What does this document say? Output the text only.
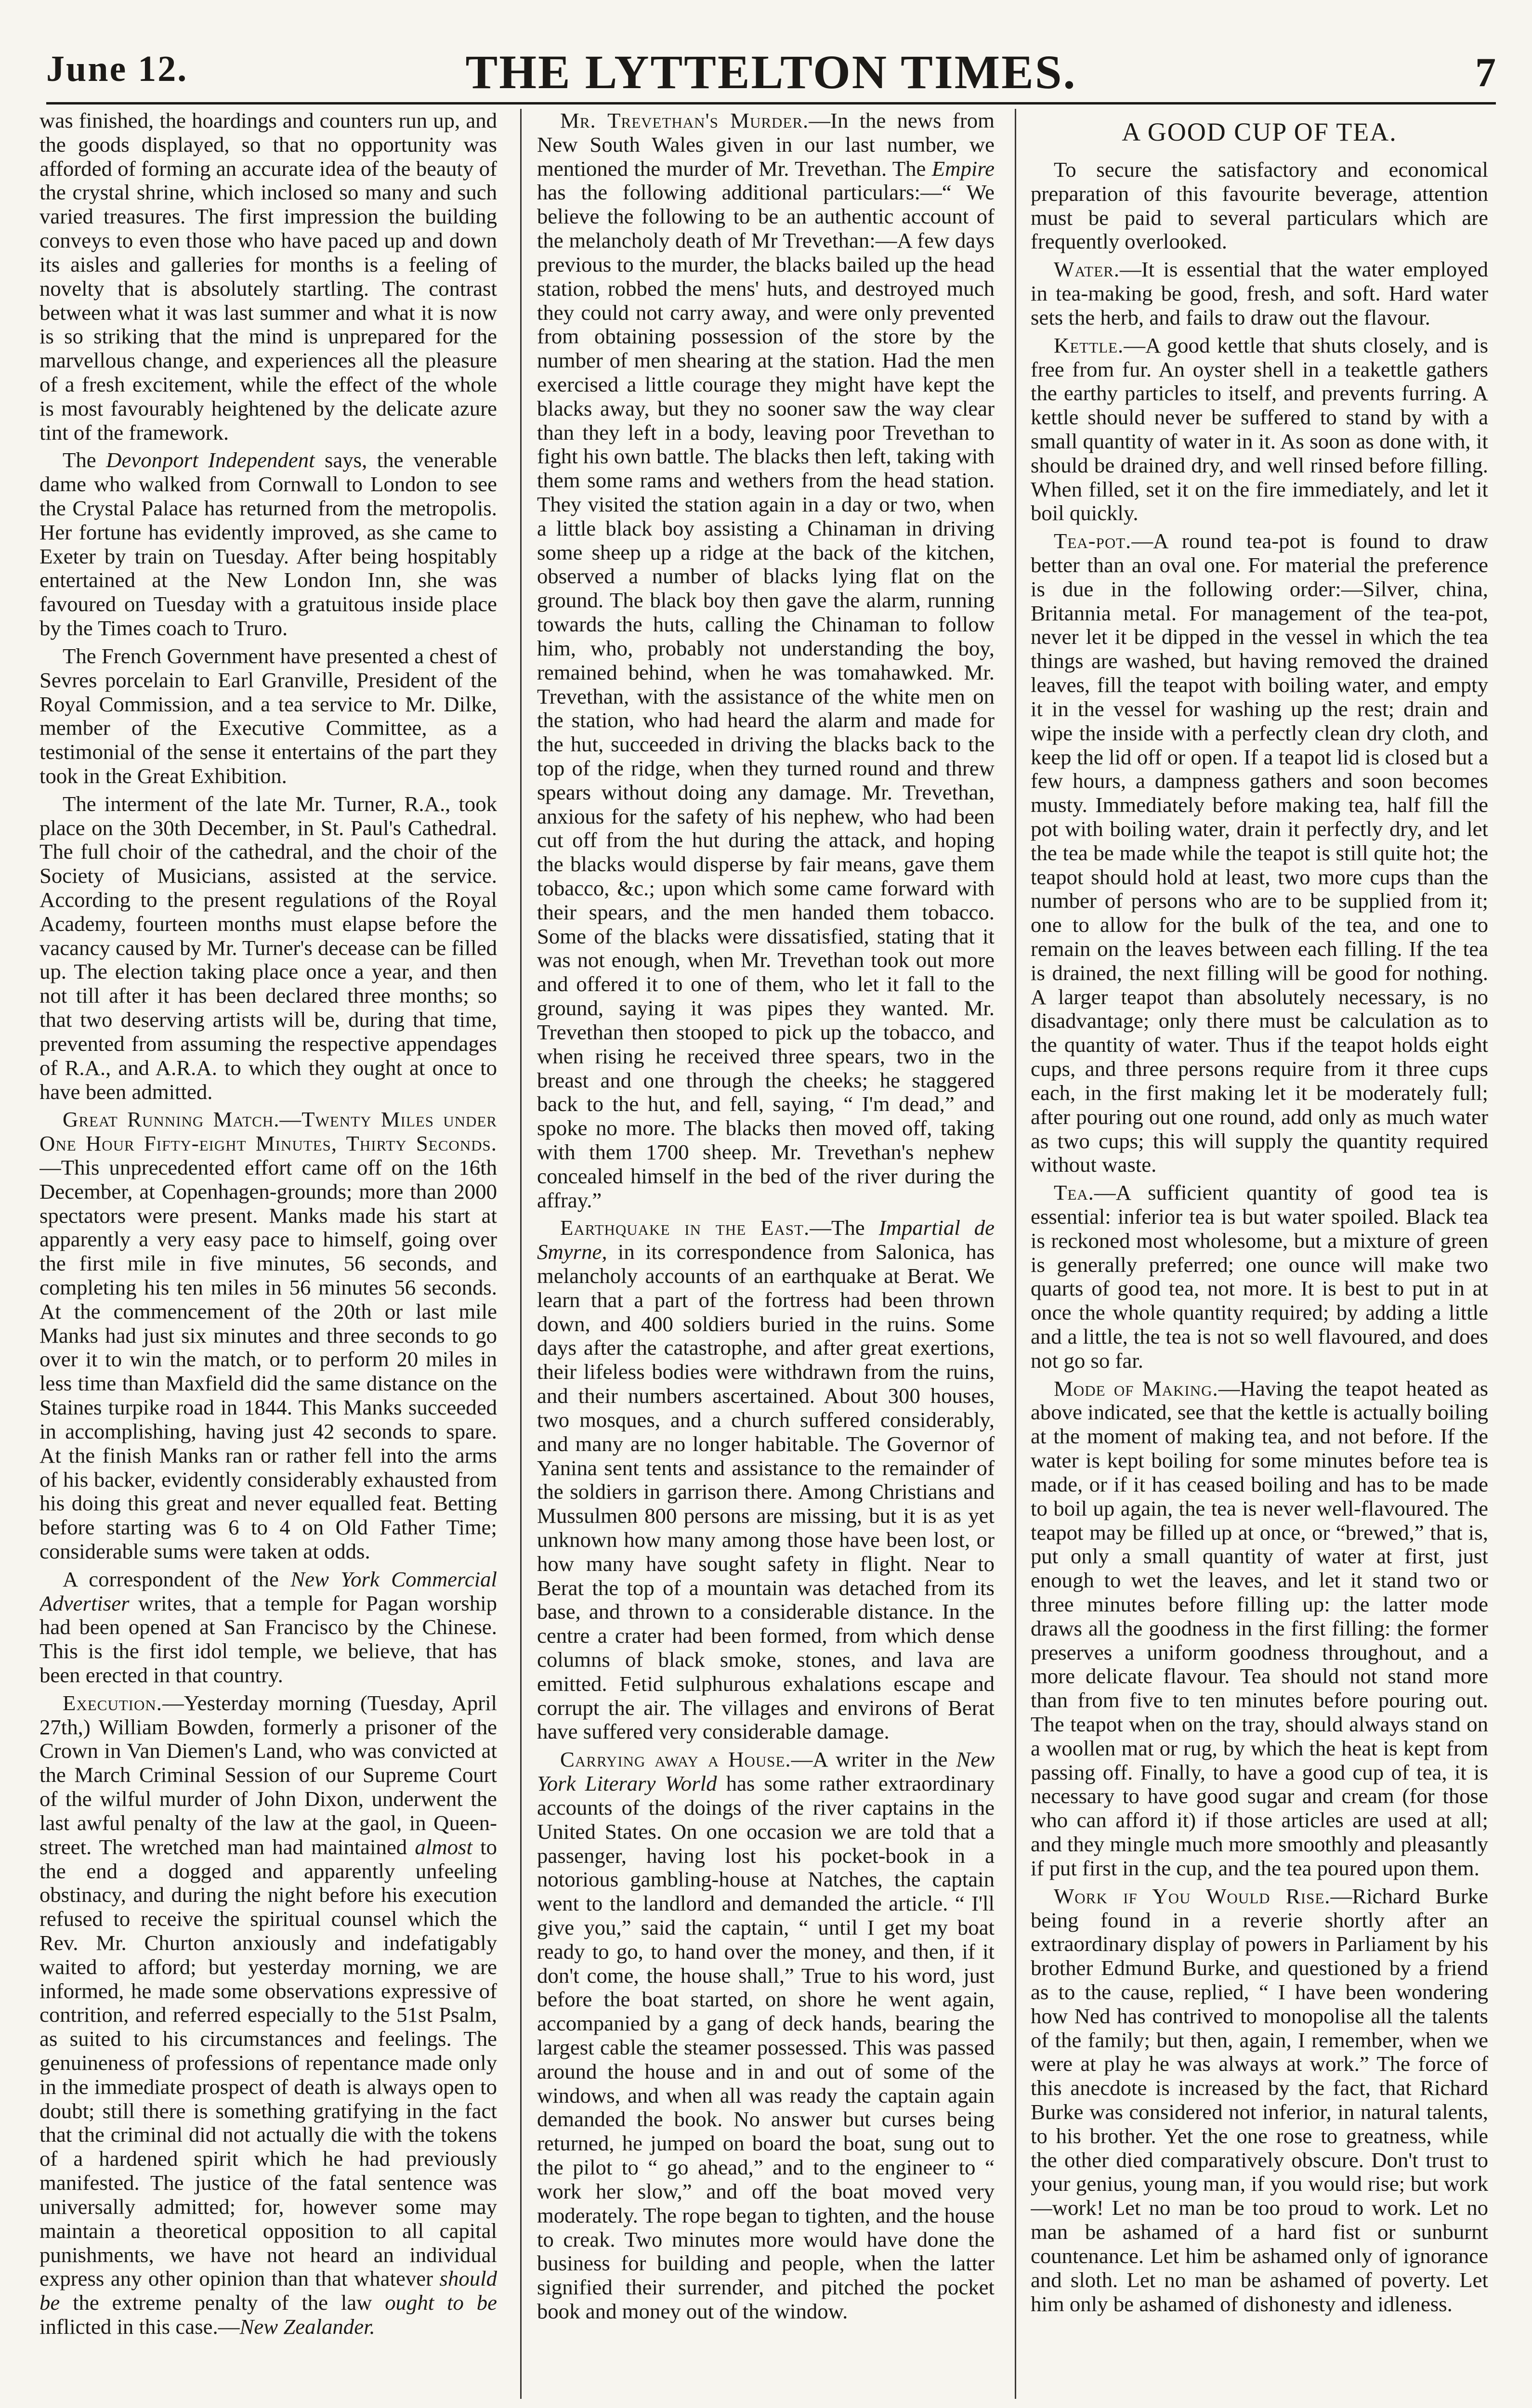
June 12.	THE LYTTELTON TIMES.	7

was finished, the hoardings and counters run up, and the goods displayed, so that no opportunity was afforded of forming an accurate idea of the beauty of the crystal shrine, which inclosed so many and such varied treasures. The first impression the building conveys to even those who have paced up and down its aisles and galleries for months is a feeling of novelty that is absolutely startling. The contrast between what it was last summer and what it is now is so striking that the mind is unprepared for the marvellous change, and experiences all the pleasure of a fresh excitement, while the effect of the whole is most favourably heightened by the delicate azure tint of the framework.

The Devonport Independent says, the venerable dame who walked from Cornwall to London to see the Crystal Palace has returned from the metropolis. Her fortune has evidently improved, as she came to Exeter by train on Tuesday. After being hospitably entertained at the New London Inn, she was favoured on Tuesday with a gratuitous inside place by the Times coach to Truro.

The French Government have presented a chest of Sevres porcelain to Earl Granville, President of the Royal Commission, and a tea service to Mr. Dilke, member of the Executive Committee, as a testimonial of the sense it entertains of the part they took in the Great Exhibition.

The interment of the late Mr. Turner, R.A., took place on the 30th December, in St. Paul's Cathedral. The full choir of the cathedral, and the choir of the Society of Musicians, assisted at the service. According to the present regulations of the Royal Academy, fourteen months must elapse before the vacancy caused by Mr. Turner's decease can be filled up. The election taking place once a year, and then not till after it has been declared three months; so that two deserving artists will be, during that time, prevented from assuming the respective appendages of R.A., and A.R.A. to which they ought at once to have been admitted.

Great Running Match.—Twenty Miles under One Hour Fifty-eight Minutes, Thirty Seconds.—This unprecedented effort came off on the 16th December, at Copenhagen-grounds; more than 2000 spectators were present. Manks made his start at apparently a very easy pace to himself, going over the first mile in five minutes, 56 seconds, and completing his ten miles in 56 minutes 56 seconds. At the commencement of the 20th or last mile Manks had just six minutes and three seconds to go over it to win the match, or to perform 20 miles in less time than Maxfield did the same distance on the Staines turpike road in 1844. This Manks succeeded in accomplishing, having just 42 seconds to spare. At the finish Manks ran or rather fell into the arms of his backer, evidently considerably exhausted from his doing this great and never equalled feat. Betting before starting was 6 to 4 on Old Father Time; considerable sums were taken at odds.

A correspondent of the New York Commercial Advertiser writes, that a temple for Pagan worship had been opened at San Francisco by the Chinese. This is the first idol temple, we believe, that has been erected in that country.

Execution.—Yesterday morning (Tuesday, April 27th,) William Bowden, formerly a prisoner of the Crown in Van Diemen's Land, who was convicted at the March Criminal Session of our Supreme Court of the wilful murder of John Dixon, underwent the last awful penalty of the law at the gaol, in Queen-street. The wretched man had maintained almost to the end a dogged and apparently unfeeling obstinacy, and during the night before his execution refused to receive the spiritual counsel which the Rev. Mr. Churton anxiously and indefatigably waited to afford; but yesterday morning, we are informed, he made some observations expressive of contrition, and referred especially to the 51st Psalm, as suited to his circumstances and feelings. The genuineness of professions of repentance made only in the immediate prospect of death is always open to doubt; still there is something gratifying in the fact that the criminal did not actually die with the tokens of a hardened spirit which he had previously manifested. The justice of the fatal sentence was universally admitted; for, however some may maintain a theoretical opposition to all capital punishments, we have not heard an individual express any other opinion than that whatever should be the extreme penalty of the law ought to be inflicted in this case.—New Zealander.

Mr. Trevethan's Murder.—In the news from New South Wales given in our last number, we mentioned the murder of Mr. Trevethan. The Empire has the following additional particulars:—“ We believe the following to be an authentic account of the melancholy death of Mr Trevethan:—A few days previous to the murder, the blacks bailed up the head station, robbed the mens' huts, and destroyed much they could not carry away, and were only prevented from obtaining possession of the store by the number of men shearing at the station. Had the men exercised a little courage they might have kept the blacks away, but they no sooner saw the way clear than they left in a body, leaving poor Trevethan to fight his own battle. The blacks then left, taking with them some rams and wethers from the head station. They visited the station again in a day or two, when a little black boy assisting a Chinaman in driving some sheep up a ridge at the back of the kitchen, observed a number of blacks lying flat on the ground. The black boy then gave the alarm, running towards the huts, calling the Chinaman to follow him, who, probably not understanding the boy, remained behind, when he was tomahawked. Mr. Trevethan, with the assistance of the white men on the station, who had heard the alarm and made for the hut, succeeded in driving the blacks back to the top of the ridge, when they turned round and threw spears without doing any damage. Mr. Trevethan, anxious for the safety of his nephew, who had been cut off from the hut during the attack, and hoping the blacks would disperse by fair means, gave them tobacco, &c.; upon which some came forward with their spears, and the men handed them tobacco. Some of the blacks were dissatisfied, stating that it was not enough, when Mr. Trevethan took out more and offered it to one of them, who let it fall to the ground, saying it was pipes they wanted. Mr. Trevethan then stooped to pick up the tobacco, and when rising he received three spears, two in the breast and one through the cheeks; he staggered back to the hut, and fell, saying, “ I'm dead,” and spoke no more. The blacks then moved off, taking with them 1700 sheep. Mr. Trevethan's nephew concealed himself in the bed of the river during the affray.”

Earthquake in the East.—The Impartial de Smyrne, in its correspondence from Salonica, has melancholy accounts of an earthquake at Berat. We learn that a part of the fortress had been thrown down, and 400 soldiers buried in the ruins. Some days after the catastrophe, and after great exertions, their lifeless bodies were withdrawn from the ruins, and their numbers ascertained. About 300 houses, two mosques, and a church suffered considerably, and many are no longer habitable. The Governor of Yanina sent tents and assistance to the remainder of the soldiers in garrison there. Among Christians and Mussulmen 800 persons are missing, but it is as yet unknown how many among those have been lost, or how many have sought safety in flight. Near to Berat the top of a mountain was detached from its base, and thrown to a considerable distance. In the centre a crater had been formed, from which dense columns of black smoke, stones, and lava are emitted. Fetid sulphurous exhalations escape and corrupt the air. The villages and environs of Berat have suffered very considerable damage.

Carrying away a House.—A writer in the New York Literary World has some rather extraordinary accounts of the doings of the river captains in the United States. On one occasion we are told that a passenger, having lost his pocket-book in a notorious gambling-house at Natches, the captain went to the landlord and demanded the article. “ I'll give you,” said the captain, “ until I get my boat ready to go, to hand over the money, and then, if it don't come, the house shall,” True to his word, just before the boat started, on shore he went again, accompanied by a gang of deck hands, bearing the largest cable the steamer possessed. This was passed around the house and in and out of some of the windows, and when all was ready the captain again demanded the book. No answer but curses being returned, he jumped on board the boat, sung out to the pilot to “ go ahead,” and to the engineer to “ work her slow,” and off the boat moved very moderately. The rope began to tighten, and the house to creak. Two minutes more would have done the business for building and people, when the latter signified their surrender, and pitched the pocket book and money out of the window.

A GOOD CUP OF TEA.

To secure the satisfactory and economical preparation of this favourite beverage, attention must be paid to several particulars which are frequently overlooked.

Water.—It is essential that the water employed in tea-making be good, fresh, and soft. Hard water sets the herb, and fails to draw out the flavour.

Kettle.—A good kettle that shuts closely, and is free from fur. An oyster shell in a teakettle gathers the earthy particles to itself, and prevents furring. A kettle should never be suffered to stand by with a small quantity of water in it. As soon as done with, it should be drained dry, and well rinsed before filling. When filled, set it on the fire immediately, and let it boil quickly.

Tea-pot.—A round tea-pot is found to draw better than an oval one. For material the preference is due in the following order:—Silver, china, Britannia metal. For management of the tea-pot, never let it be dipped in the vessel in which the tea things are washed, but having removed the drained leaves, fill the teapot with boiling water, and empty it in the vessel for washing up the rest; drain and wipe the inside with a perfectly clean dry cloth, and keep the lid off or open. If a teapot lid is closed but a few hours, a dampness gathers and soon becomes musty. Immediately before making tea, half fill the pot with boiling water, drain it perfectly dry, and let the tea be made while the teapot is still quite hot; the teapot should hold at least, two more cups than the number of persons who are to be supplied from it; one to allow for the bulk of the tea, and one to remain on the leaves between each filling. If the tea is drained, the next filling will be good for nothing. A larger teapot than absolutely necessary, is no disadvantage; only there must be calculation as to the quantity of water. Thus if the teapot holds eight cups, and three persons require from it three cups each, in the first making let it be moderately full; after pouring out one round, add only as much water as two cups; this will supply the quantity required without waste.

Tea.—A sufficient quantity of good tea is essential: inferior tea is but water spoiled. Black tea is reckoned most wholesome, but a mixture of green is generally preferred; one ounce will make two quarts of good tea, not more. It is best to put in at once the whole quantity required; by adding a little and a little, the tea is not so well flavoured, and does not go so far.

Mode of Making.—Having the teapot heated as above indicated, see that the kettle is actually boiling at the moment of making tea, and not before. If the water is kept boiling for some minutes before tea is made, or if it has ceased boiling and has to be made to boil up again, the tea is never well-flavoured. The teapot may be filled up at once, or “brewed,” that is, put only a small quantity of water at first, just enough to wet the leaves, and let it stand two or three minutes before filling up: the latter mode draws all the goodness in the first filling: the former preserves a uniform goodness throughout, and a more delicate flavour. Tea should not stand more than from five to ten minutes before pouring out. The teapot when on the tray, should always stand on a woollen mat or rug, by which the heat is kept from passing off. Finally, to have a good cup of tea, it is necessary to have good sugar and cream (for those who can afford it) if those articles are used at all; and they mingle much more smoothly and pleasantly if put first in the cup, and the tea poured upon them.

Work if You Would Rise.—Richard Burke being found in a reverie shortly after an extraordinary display of powers in Parliament by his brother Edmund Burke, and questioned by a friend as to the cause, replied, “ I have been wondering how Ned has contrived to monopolise all the talents of the family; but then, again, I remember, when we were at play he was always at work.” The force of this anecdote is increased by the fact, that Richard Burke was considered not inferior, in natural talents, to his brother. Yet the one rose to greatness, while the other died comparatively obscure. Don't trust to your genius, young man, if you would rise; but work—work! Let no man be too proud to work. Let no man be ashamed of a hard fist or sunburnt countenance. Let him be ashamed only of ignorance and sloth. Let no man be ashamed of poverty. Let him only be ashamed of dishonesty and idleness.
